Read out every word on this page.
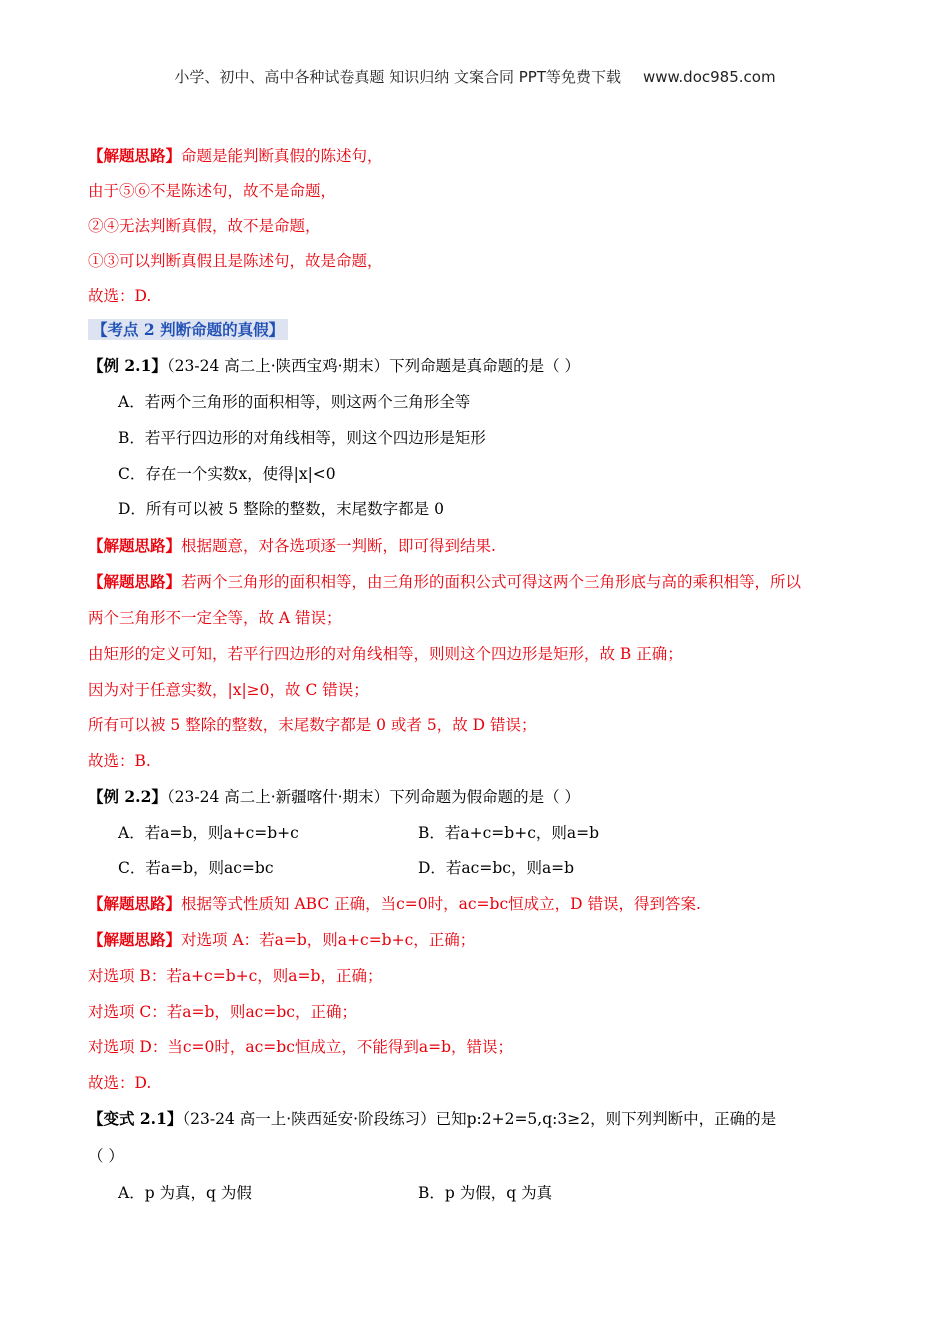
小学、初中、高中各种试卷真题 知识归纳 文案合同 PPT等免费下载 www.doc985.com
【解题思路】命题是能判断真假的陈述句，
由于⑤⑥不是陈述句，故不是命题，
②④无法判断真假，故不是命题，
①③可以判断真假且是陈述句，故是命题，
故选：D.
【考点 2 判断命题的真假】
【例 2.1】（23-24 高二上·陕西宝鸡·期末）下列命题是真命题的是（ ）
A．若两个三角形的面积相等，则这两个三角形全等
B．若平行四边形的对角线相等，则这个四边形是矩形
C．存在一个实数x，使得|x|<0
D．所有可以被 5 整除的整数，末尾数字都是 0
【解题思路】根据题意，对各选项逐一判断，即可得到结果.
【解题思路】若两个三角形的面积相等，由三角形的面积公式可得这两个三角形底与高的乘积相等，所以
两个三角形不一定全等，故 A 错误；
由矩形的定义可知，若平行四边形的对角线相等，则则这个四边形是矩形，故 B 正确；
因为对于任意实数，|x|≥0，故 C 错误；
所有可以被 5 整除的整数，末尾数字都是 0 或者 5，故 D 错误；
故选：B.
【例 2.2】（23-24 高二上·新疆喀什·期末）下列命题为假命题的是（ ）
A．若a=b，则a+c=b+c	B．若a+c=b+c，则a=b
C．若a=b，则ac=bc	D．若ac=bc，则a=b
【解题思路】根据等式性质知 ABC 正确，当c=0时，ac=bc恒成立，D 错误，得到答案.
【解题思路】对选项 A：若a=b，则a+c=b+c，正确；
对选项 B：若a+c=b+c，则a=b，正确；
对选项 C：若a=b，则ac=bc，正确；
对选项 D：当c=0时，ac=bc恒成立，不能得到a=b，错误；
故选：D.
【变式 2.1】（23-24 高一上·陕西延安·阶段练习）已知p:2+2=5,q:3≥2，则下列判断中，正确的是
（ ）
A．p 为真，q 为假	B．p 为假，q 为真
